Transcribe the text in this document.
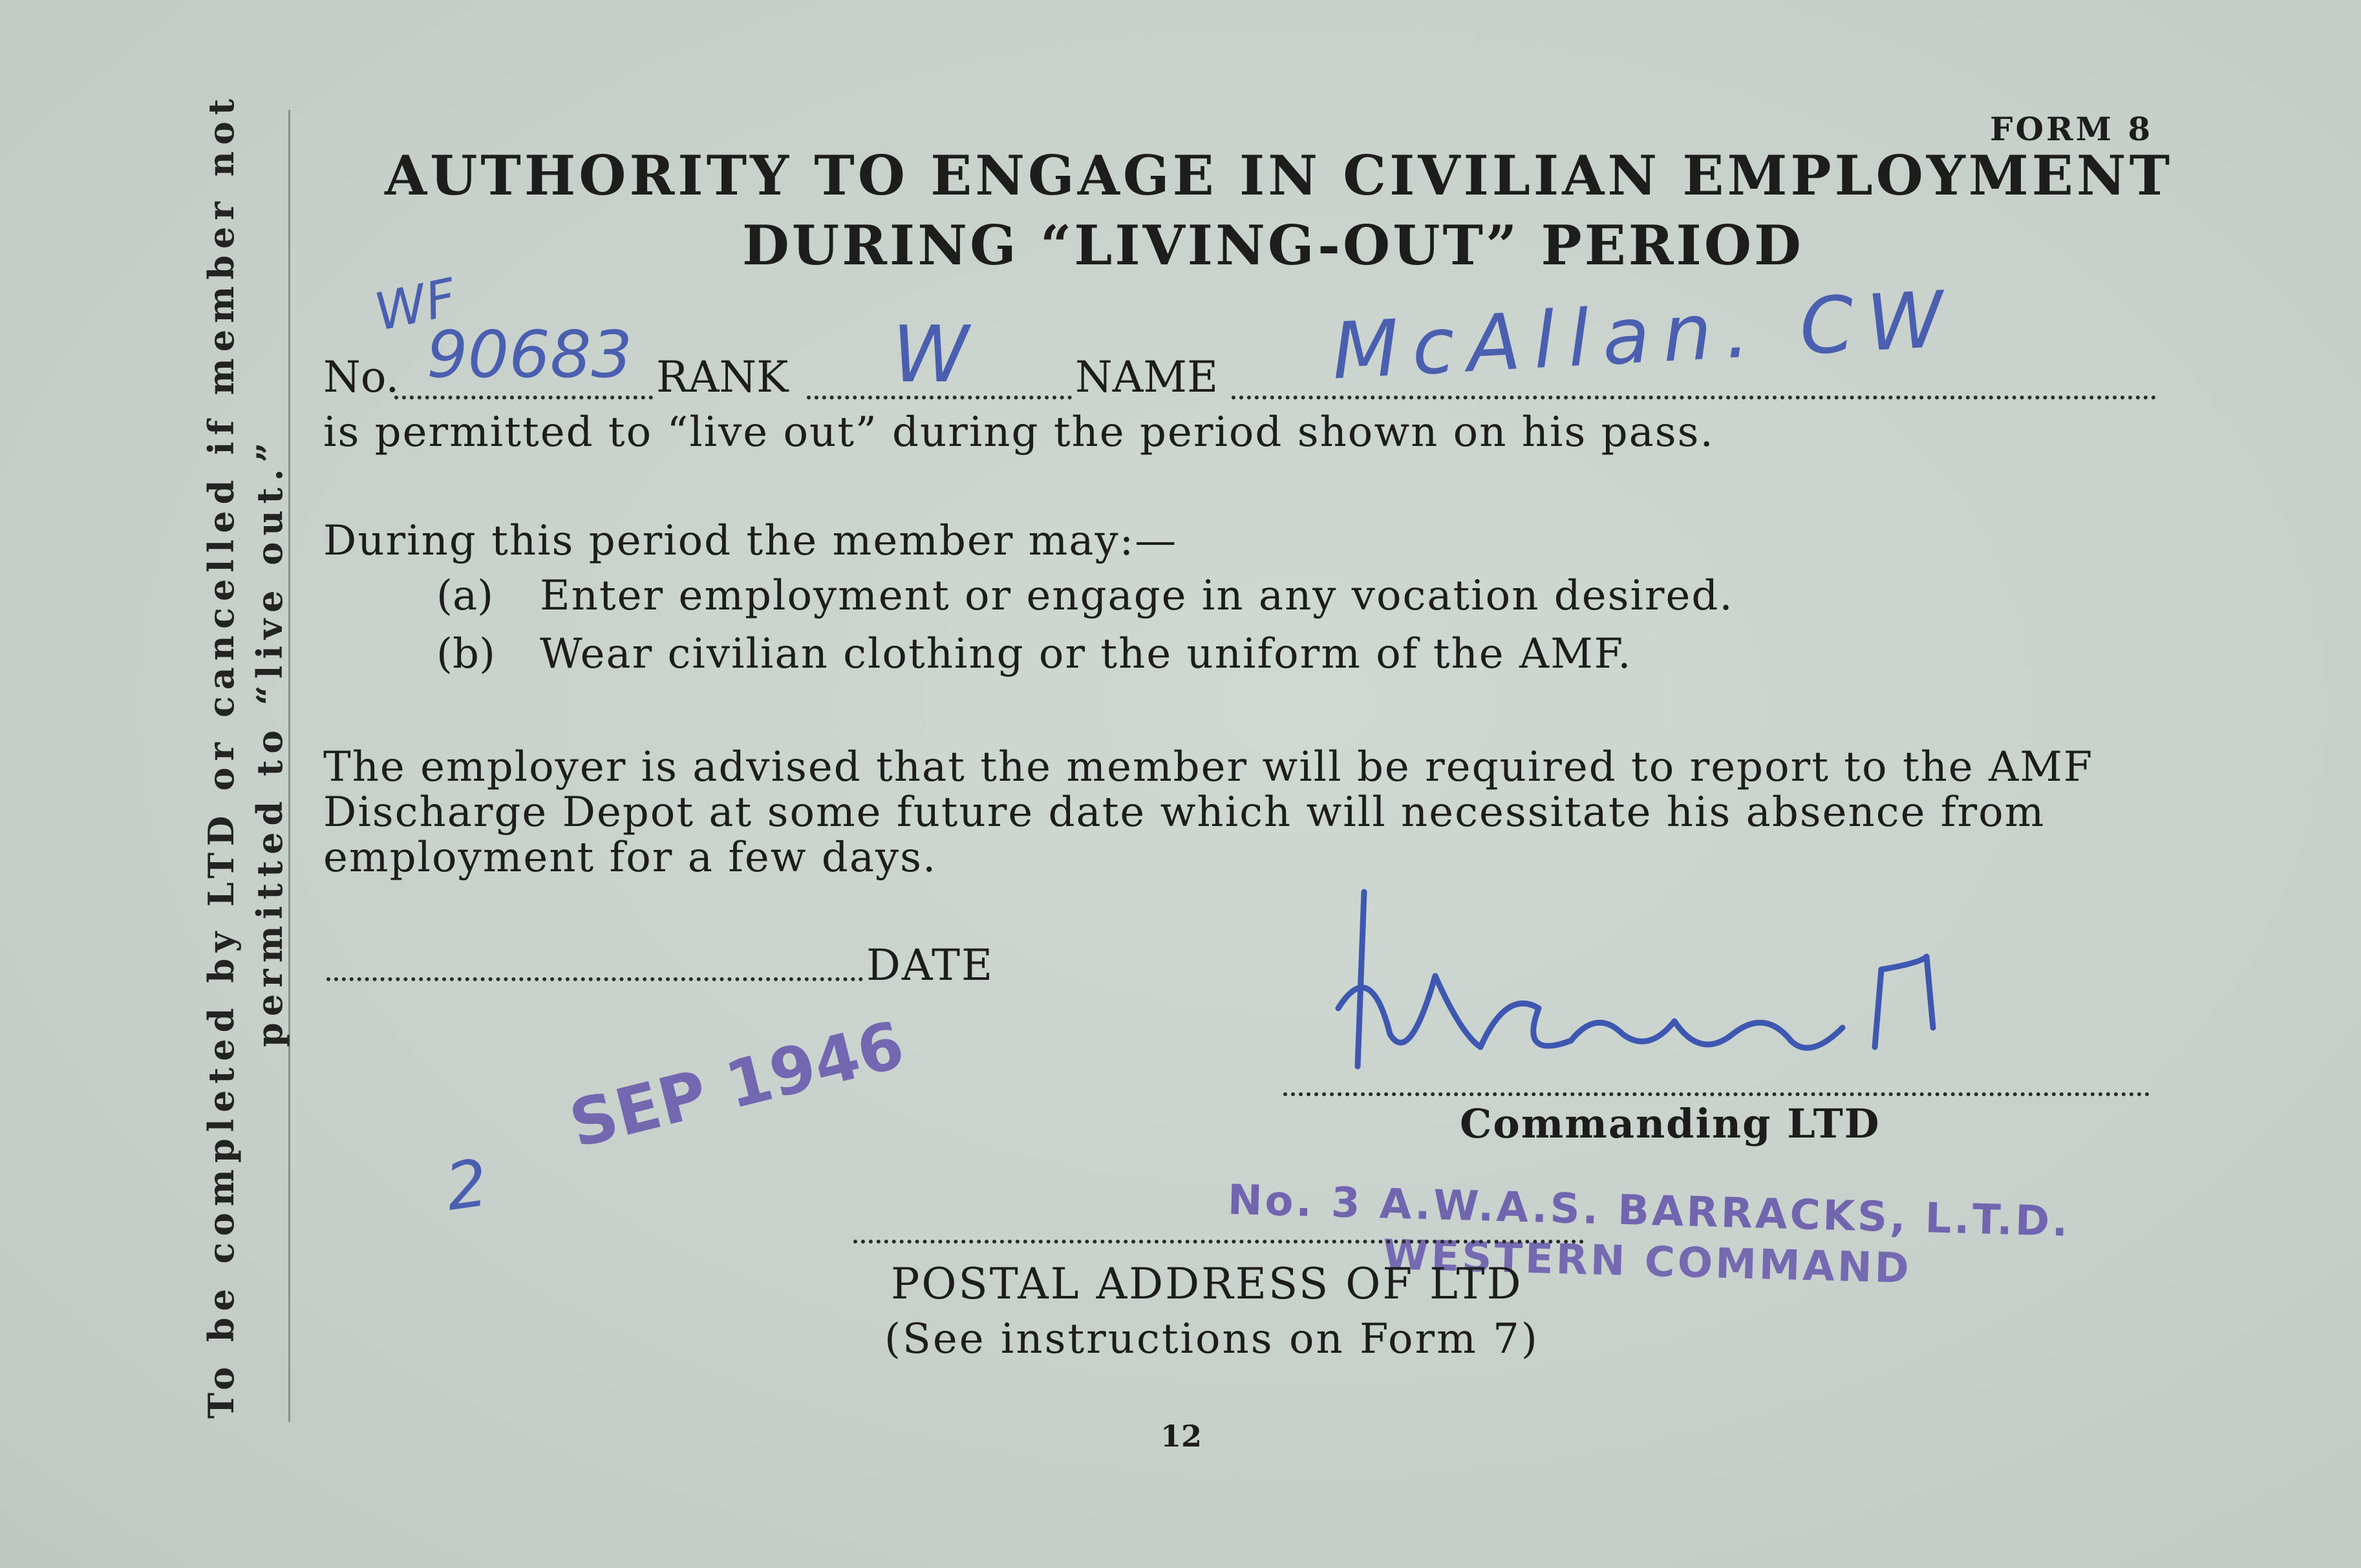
To be completed by LTD or cancelled if member not permitted to “live out.”
FORM 8
AUTHORITY TO ENGAGE IN CIVILIAN EMPLOYMENT
DURING “LIVING-OUT” PERIOD
No.
WF
90683 RANK W NAME McAllan. CW
is permitted to “live out” during the period shown on his pass.
During this period the member may:—
(a) Enter employment or engage in any vocation desired.
(b) Wear civilian clothing or the uniform of the AMF.
The employer is advised that the member will be required to report to the AMF
Discharge Depot at some future date which will necessitate his absence from
employment for a few days.
DATE
Commanding LTD
2
SEP 1946
No. 3 A.W.A.S. BARRACKS, L.T.D.
WESTERN COMMAND
POSTAL ADDRESS OF LTD
(See instructions on Form 7)
12
